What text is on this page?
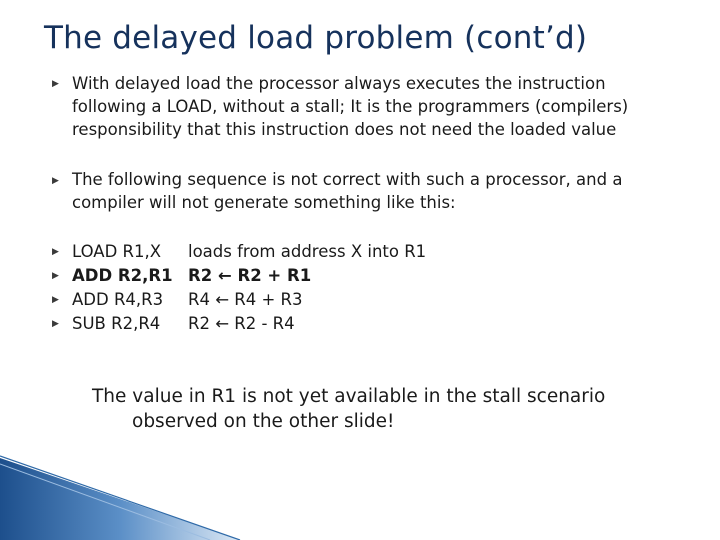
The delayed load problem (cont’d)
▶ With delayed load the processor always executes the instruction following a LOAD, without a stall; It is the programmers (compilers) responsibility that this instruction does not need the loaded value
▶ The following sequence is not correct with such a processor, and a compiler will not generate something like this:
▶ LOAD R1,X	loads from address X into R1
▶ ADD R2,R1 R2 ← R2 + R1
▶ ADD R4,R3	R4 ← R4 + R3
▶ SUB R2,R4	R2 ← R2 - R4
The value in R1 is not yet available in the stall scenario
observed on the other slide!
